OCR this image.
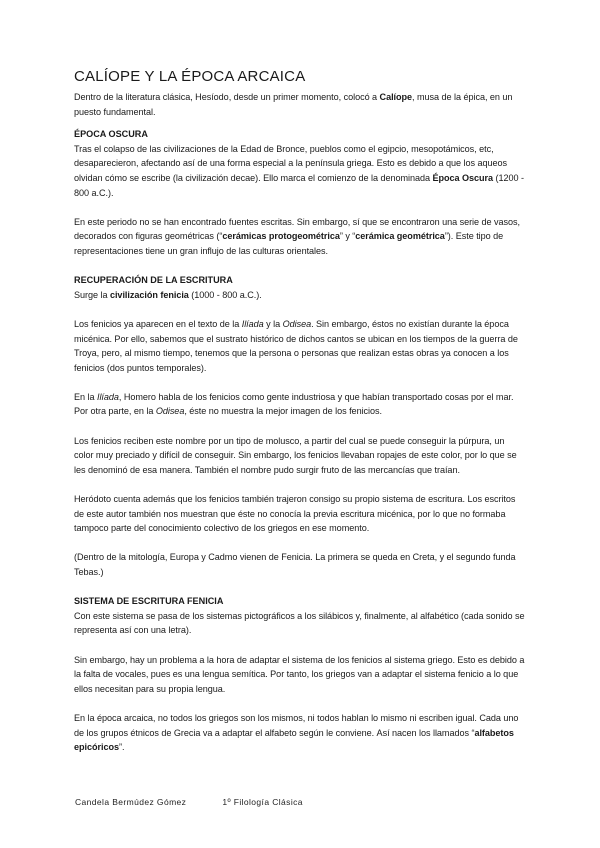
CALÍOPE Y LA ÉPOCA ARCAICA

Dentro de la literatura clásica, Hesíodo, desde un primer momento, colocó a Calíope, musa de la épica, en un puesto fundamental.

ÉPOCA OSCURA

Tras el colapso de las civilizaciones de la Edad de Bronce, pueblos como el egipcio, mesopotámicos, etc, desaparecieron, afectando así de una forma especial a la península griega. Esto es debido a que los aqueos olvidan cómo se escribe (la civilización decae). Ello marca el comienzo de la denominada Época Oscura (1200 - 800 a.C.).

En este periodo no se han encontrado fuentes escritas. Sin embargo, sí que se encontraron una serie de vasos, decorados con figuras geométricas (“cerámicas protogeométrica” y “cerámica geométrica”). Este tipo de representaciones tiene un gran influjo de las culturas orientales.

RECUPERACIÓN DE LA ESCRITURA

Surge la civilización fenicia (1000 - 800 a.C.).

Los fenicios ya aparecen en el texto de la Ilíada y la Odisea. Sin embargo, éstos no existían durante la época micénica. Por ello, sabemos que el sustrato histórico de dichos cantos se ubican en los tiempos de la guerra de Troya, pero, al mismo tiempo, tenemos que la persona o personas que realizan estas obras ya conocen a los fenicios (dos puntos temporales).

En la Ilíada, Homero habla de los fenicios como gente industriosa y que habían transportado cosas por el mar. Por otra parte, en la Odisea, éste no muestra la mejor imagen de los fenicios.

Los fenicios reciben este nombre por un tipo de molusco, a partir del cual se puede conseguir la púrpura, un color muy preciado y difícil de conseguir. Sin embargo, los fenicios llevaban ropajes de este color, por lo que se les denominó de esa manera. También el nombre pudo surgir fruto de las mercancías que traían.

Heródoto cuenta además que los fenicios también trajeron consigo su propio sistema de escritura. Los escritos de este autor también nos muestran que éste no conocía la previa escritura micénica, por lo que no formaba tampoco parte del conocimiento colectivo de los griegos en ese momento.

(Dentro de la mitología, Europa y Cadmo vienen de Fenicia. La primera se queda en Creta, y el segundo funda Tebas.)

SISTEMA DE ESCRITURA FENICIA

Con este sistema se pasa de los sistemas pictográficos a los silábicos y, finalmente, al alfabético (cada sonido se representa así con una letra).

Sin embargo, hay un problema a la hora de adaptar el sistema de los fenicios al sistema griego. Esto es debido a la falta de vocales, pues es una lengua semítica. Por tanto, los griegos van a adaptar el sistema fenicio a lo que ellos necesitan para su propia lengua.

En la época arcaica, no todos los griegos son los mismos, ni todos hablan lo mismo ni escriben igual. Cada uno de los grupos étnicos de Grecia va a adaptar el alfabeto según le convienе. Así nacen los llamados “alfabetos epicóricos”.

Candela Bermúdez Gómez	1º Filología Clásica
